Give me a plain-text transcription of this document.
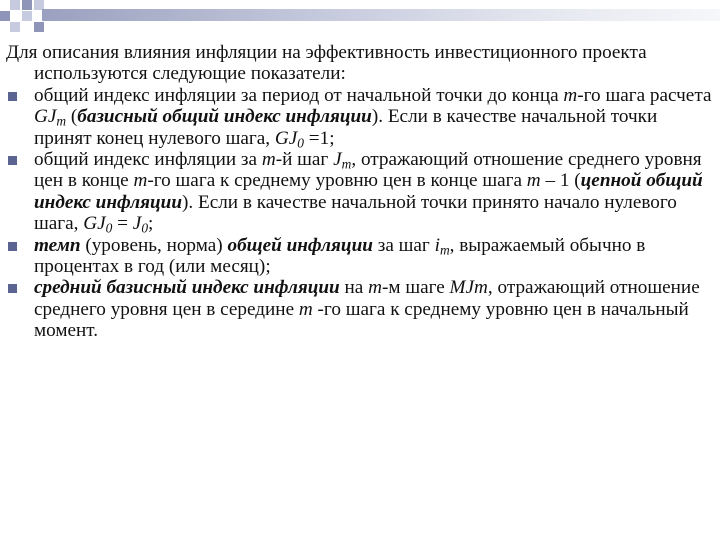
Для описания влияния инфляции на эффективность инвестиционного проекта используются следующие показатели:

общий индекс инфляции за период от начальной точки до конца m-го шага расчета $GJ_m$ (базисный общий индекс инфляции). Если в качестве начальной точки принят конец нулевого шага, $GJ_0 =1$;
общий индекс инфляции за m-й шаг $J_m$, отражающий отношение среднего уровня цен в конце m-го шага к среднему уровню цен в конце шага m – 1 (цепной общий индекс инфляции). Если в качестве начальной точки принято начало нулевого шага, $GJ_0 = J_0$;
темп (уровень, норма) общей инфляции за шаг $i_m$, выражаемый обычно в процентах в год (или месяц);
средний базисный индекс инфляции на m-м шаге MJm, отражающий отношение среднего уровня цен в середине m -го шага к среднему уровню цен в начальный момент.
